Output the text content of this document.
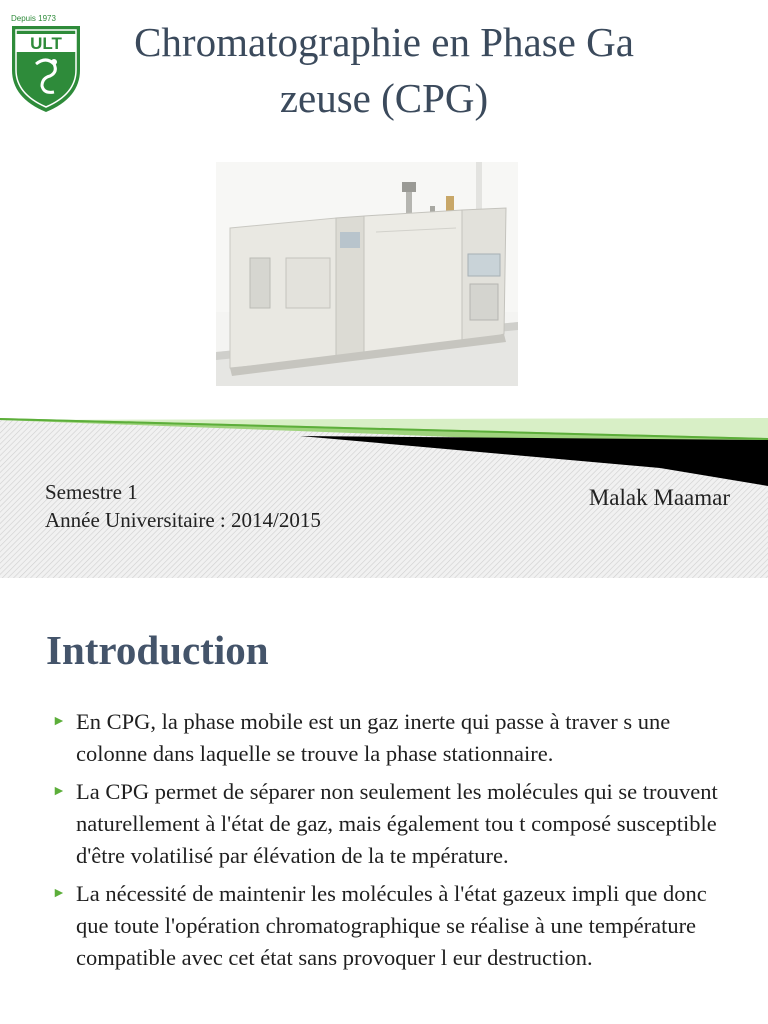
Depuis 1973
ULT	Chromatographie en Phase Ga
zeuse (CPG)
Semestre 1
Année Universitaire : 2014/2015
Malak Maamar
Introduction
► En CPG, la phase mobile est un gaz inerte qui passe à traver s une colonne dans laquelle se trouve la phase stationnaire.
► La CPG permet de séparer non seulement les molécules qui se trouvent naturellement à l'état de gaz, mais également tou t composé susceptible d'être volatilisé par élévation de la te mpérature.
► La nécessité de maintenir les molécules à l'état gazeux impli que donc que toute l'opération chromatographique se réalise à une température compatible avec cet état sans provoquer l eur destruction.
